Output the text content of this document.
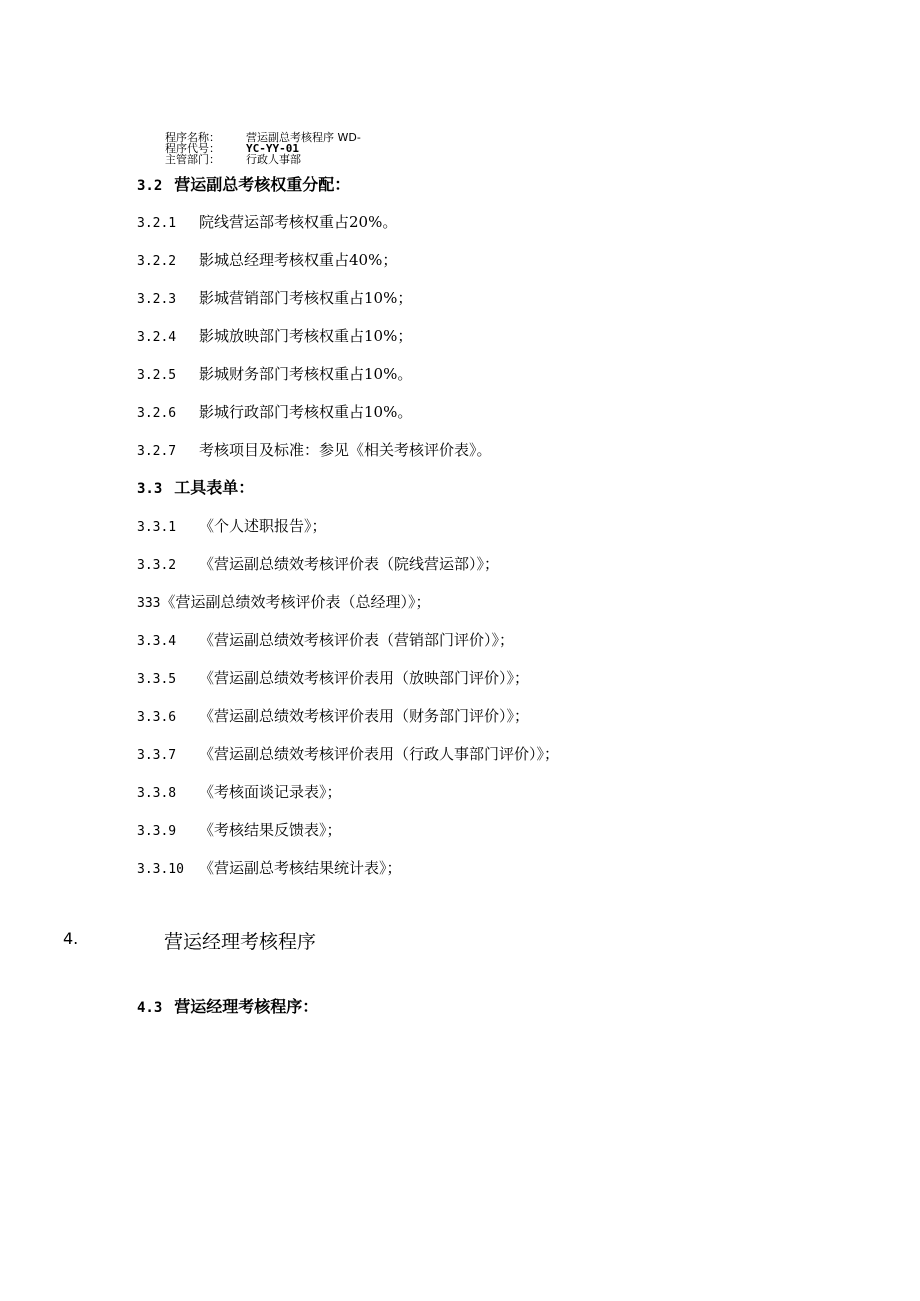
程序名称： 营运副总考核程序 WD-
程序代号：
主管部门： 行政人事部
YC-YY-01
3.2 营运副总考核权重分配：
3.2.1 院线营运部考核权重占20%。
3.2.2 影城总经理考核权重占40%；
3.2.3 影城营销部门考核权重占10%；
3.2.4 影城放映部门考核权重占10%；
3.2.5 影城财务部门考核权重占10%。
3.2.6 影城行政部门考核权重占10%。
3.2.7 考核项目及标准：参见《相关考核评价表》。
3.3 工具表单：
3.3.1 《个人述职报告》；
3.3.2 《营运副总绩效考核评价表（院线营运部）》；
333《营运副总绩效考核评价表（总经理）》；
3.3.4 《营运副总绩效考核评价表（营销部门评价）》；
3.3.5 《营运副总绩效考核评价表用（放映部门评价）》；
3.3.6 《营运副总绩效考核评价表用（财务部门评价）》；
3.3.7 《营运副总绩效考核评价表用（行政人事部门评价）》；
3.3.8 《考核面谈记录表》；
3.3.9 《考核结果反馈表》；
3.3.10 《营运副总考核结果统计表》；
4.	营运经理考核程序
4.3 营运经理考核程序：
